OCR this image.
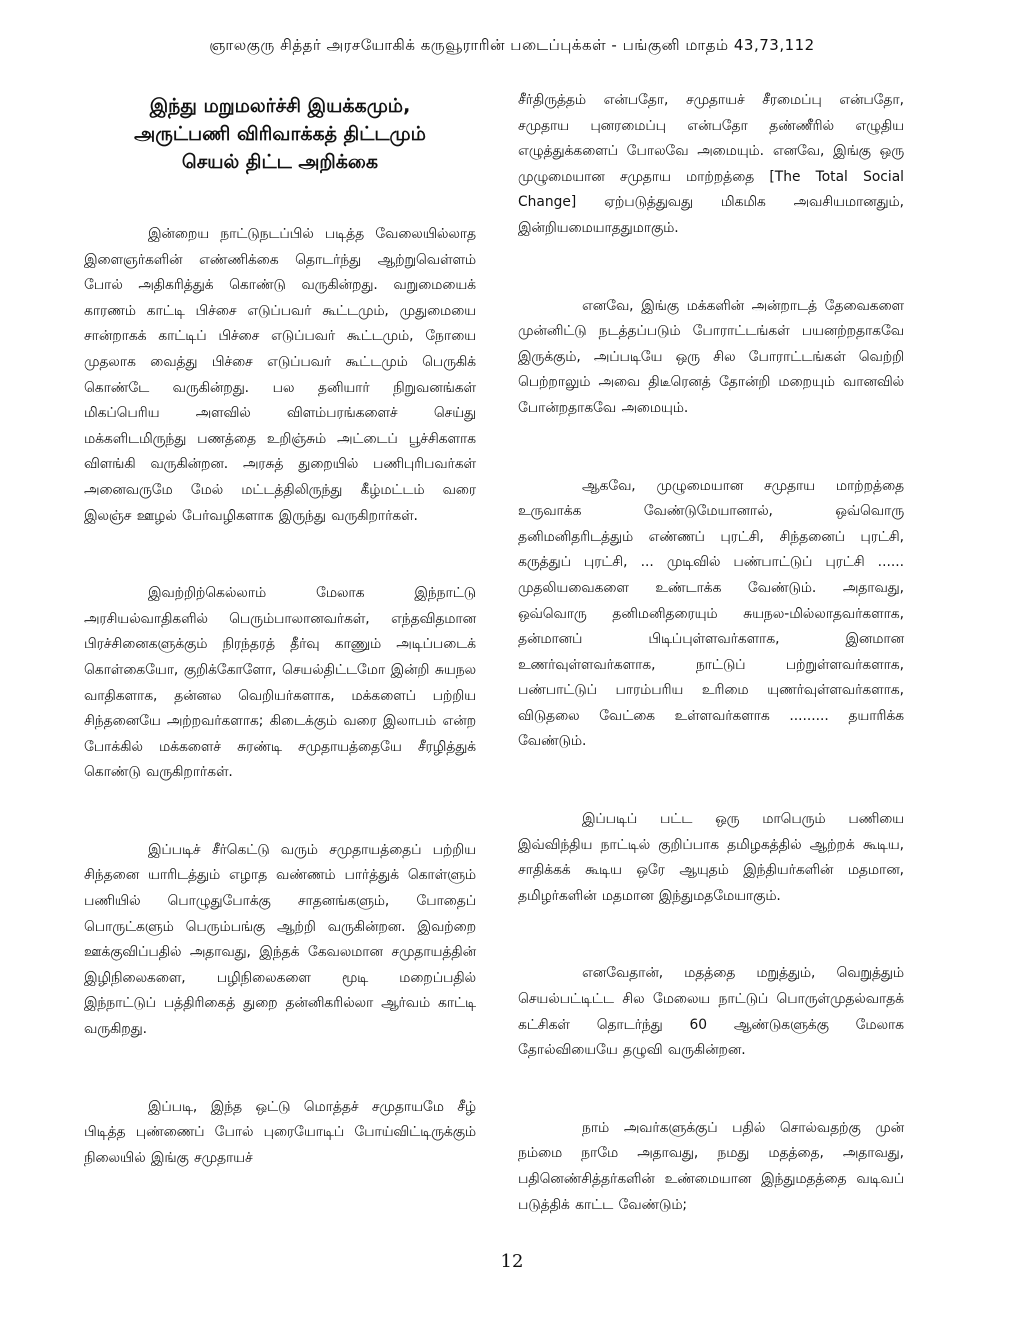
ஞாலகுரு சித்தர் அரசயோகிக் கருவூராரின் படைப்புக்கள் - பங்குனி மாதம் 43,73,112
இந்து மறுமலர்ச்சி இயக்கமும்,
அருட்பணி விரிவாக்கத் திட்டமும்
செயல் திட்ட அறிக்கை

இன்றைய நாட்டுநடப்பில் படித்த வேலையில்லாத இளைஞர்களின் எண்ணிக்கை தொடர்ந்து ஆற்றுவெள்ளம் போல் அதிகரித்துக் கொண்டு வருகின்றது. வறுமையைக் காரணம் காட்டி பிச்சை எடுப்பவர் கூட்டமும், முதுமையை சான்றாகக் காட்டிப் பிச்சை எடுப்பவர் கூட்டமும், நோயை முதலாக வைத்து பிச்சை எடுப்பவர் கூட்டமும் பெருகிக் கொண்டே வருகின்றது. பல தனியார் நிறுவனங்கள் மிகப்பெரிய அளவில் விளம்பரங்களைச் செய்து மக்களிடமிருந்து பணத்தை உறிஞ்சும் அட்டைப் பூச்சிகளாக விளங்கி வருகின்றன. அரசுத் துறையில் பணிபுரிபவர்கள் அனைவருமே மேல் மட்டத்திலிருந்து கீழ்மட்டம் வரை இலஞ்ச ஊழல் பேர்வழிகளாக இருந்து வருகிறார்கள்.

இவற்றிற்கெல்லாம் மேலாக இந்நாட்டு அரசியல்வாதிகளில் பெரும்பாலானவர்கள், எந்தவிதமான பிரச்சினைகளுக்கும் நிரந்தரத் தீர்வு காணும் அடிப்படைக் கொள்கையோ, குறிக்கோளோ, செயல்திட்டமோ இன்றி சுயநல வாதிகளாக, தன்னல வெறியர்களாக, மக்களைப் பற்றிய சிந்தனையே அற்றவர்களாக; கிடைக்கும் வரை இலாபம் என்ற போக்கில் மக்களைச் சுரண்டி சமுதாயத்தையே சீரழித்துக் கொண்டு வருகிறார்கள்.

இப்படிச் சீர்கெட்டு வரும் சமுதாயத்தைப் பற்றிய சிந்தனை யாரிடத்தும் எழாத வண்ணம் பார்த்துக் கொள்ளும் பணியில் பொழுதுபோக்கு சாதனங்களும், போதைப் பொருட்களும் பெரும்பங்கு ஆற்றி வருகின்றன. இவற்றை ஊக்குவிப்பதில் அதாவது, இந்தக் கேவலமான சமுதாயத்தின் இழிநிலைகளை, பழிநிலைகளை மூடி மறைப்பதில் இந்நாட்டுப் பத்திரிகைத் துறை தன்னிகரில்லா ஆர்வம் காட்டி வருகிறது.

இப்படி, இந்த ஒட்டு மொத்தச் சமுதாயமே சீழ் பிடித்த புண்ணைப் போல் புரையோடிப் போய்விட்டிருக்கும் நிலையில் இங்கு சமுதாயச்

சீர்திருத்தம் என்பதோ, சமுதாயச் சீரமைப்பு என்பதோ, சமுதாய புனரமைப்பு என்பதோ தண்ணீரில் எழுதிய எழுத்துக்களைப் போலவே அமையும். எனவே, இங்கு ஒரு முழுமையான சமுதாய மாற்றத்தை [The Total Social Change] ஏற்படுத்துவது மிகமிக அவசியமானதும், இன்றியமையாததுமாகும்.

எனவே, இங்கு மக்களின் அன்றாடத் தேவைகளை முன்னிட்டு நடத்தப்படும் போராட்டங்கள் பயனற்றதாகவே இருக்கும், அப்படியே ஒரு சில போராட்டங்கள் வெற்றி பெற்றாலும் அவை திடீரெனத் தோன்றி மறையும் வானவில் போன்றதாகவே அமையும்.

ஆகவே, முழுமையான சமுதாய மாற்றத்தை உருவாக்க வேண்டுமேயானால், ஒவ்வொரு தனிமனிதரிடத்தும் எண்ணப் புரட்சி, சிந்தனைப் புரட்சி, கருத்துப் புரட்சி, ... முடிவில் பண்பாட்டுப் புரட்சி ...... முதலியவைகளை உண்டாக்க வேண்டும். அதாவது, ஒவ்வொரு தனிமனிதரையும் சுயநல-மில்லாதவர்களாக, தன்மானப் பிடிப்புள்ளவர்களாக, இனமான உணர்வுள்ளவர்களாக, நாட்டுப் பற்றுள்ளவர்களாக, பண்பாட்டுப் பாரம்பரிய உரிமை யுணர்வுள்ளவர்களாக, விடுதலை வேட்கை உள்ளவர்களாக ......... தயாரிக்க வேண்டும்.

இப்படிப் பட்ட ஒரு மாபெரும் பணியை இவ்விந்திய நாட்டில் குறிப்பாக தமிழகத்தில் ஆற்றக் கூடிய, சாதிக்கக் கூடிய ஒரே ஆயுதம் இந்தியர்களின் மதமான, தமிழர்களின் மதமான இந்துமதமேயாகும்.

எனவேதான், மதத்தை மறுத்தும், வெறுத்தும் செயல்பட்டிட்ட சில மேலைய நாட்டுப் பொருள்முதல்வாதக் கட்சிகள் தொடர்ந்து 60 ஆண்டுகளுக்கு மேலாக தோல்வியையே தழுவி வருகின்றன.

நாம் அவர்களுக்குப் பதில் சொல்வதற்கு முன் நம்மை நாமே அதாவது, நமது மதத்தை, அதாவது, பதினெண்சித்தர்களின் உண்மையான இந்துமதத்தை வடிவப் படுத்திக் காட்ட வேண்டும்;

12
